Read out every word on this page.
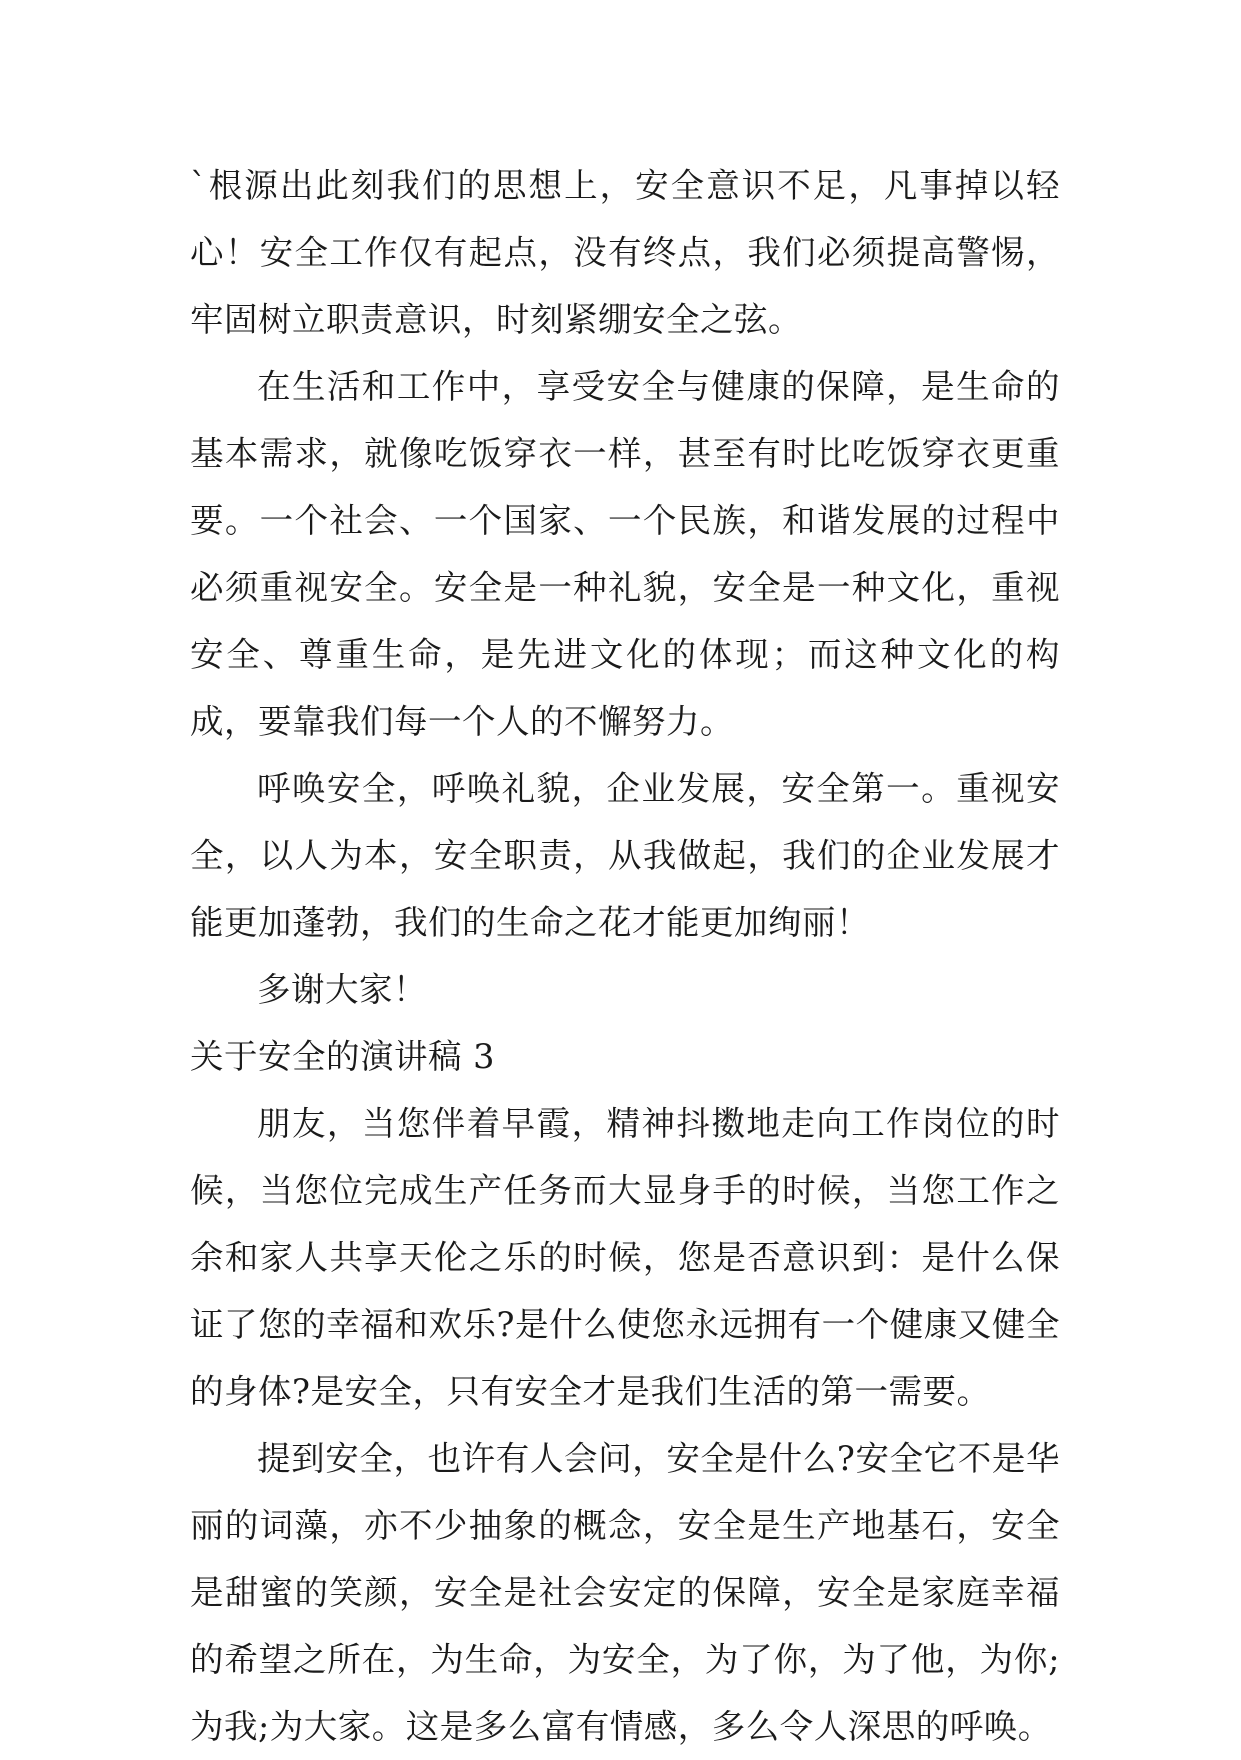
`根源出此刻我们的思想上，安全意识不足，凡事掉以轻心！安全工作仅有起点，没有终点，我们必须提高警惕，牢固树立职责意识，时刻紧绷安全之弦。

在生活和工作中，享受安全与健康的保障，是生命的基本需求，就像吃饭穿衣一样，甚至有时比吃饭穿衣更重要。一个社会、一个国家、一个民族，和谐发展的过程中必须重视安全。安全是一种礼貌，安全是一种文化，重视安全、尊重生命，是先进文化的体现；而这种文化的构成，要靠我们每一个人的不懈努力。

呼唤安全，呼唤礼貌，企业发展，安全第一。重视安全，以人为本，安全职责，从我做起，我们的企业发展才能更加蓬勃，我们的生命之花才能更加绚丽！

多谢大家！

关于安全的演讲稿 3

朋友，当您伴着早霞，精神抖擞地走向工作岗位的时候，当您位完成生产任务而大显身手的时候，当您工作之余和家人共享天伦之乐的时候，您是否意识到：是什么保证了您的幸福和欢乐?是什么使您永远拥有一个健康又健全的身体?是安全，只有安全才是我们生活的第一需要。

提到安全，也许有人会问，安全是什么?安全它不是华丽的词藻，亦不少抽象的概念，安全是生产地基石，安全是甜蜜的笑颜，安全是社会安定的保障，安全是家庭幸福的希望之所在，为生命，为安全，为了你，为了他，为你;为我;为大家。这是多么富有情感，多么令人深思的呼唤。
